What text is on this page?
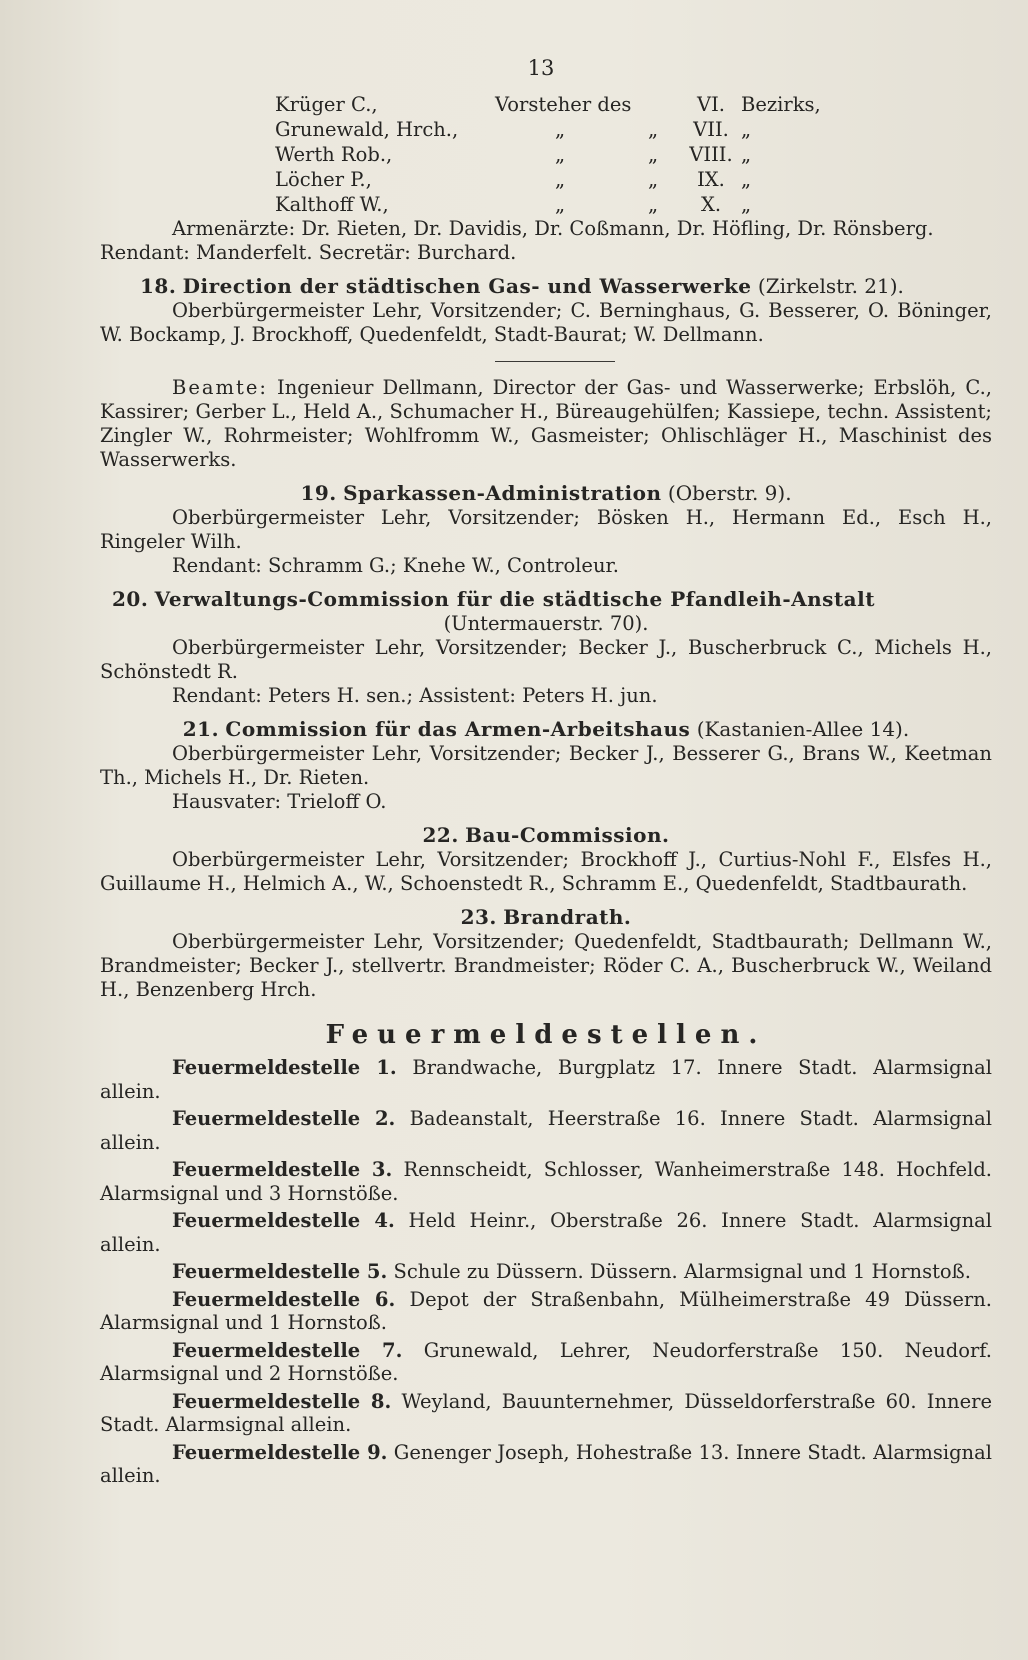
13
Krüger C.,	Vorsteher des	VI. Bezirks,
Grunewald, Hrch.,	„	„	VII. „
Werth Rob.,	„	„	VIII. „
Löcher P.,	„	„	IX. „
Kalthoff W.,	„	„	X.	„
Armenärzte: Dr. Rieten, Dr. Davidis, Dr. Coßmann, Dr. Höfling, Dr. Rönsberg.
Rendant: Manderfelt. Secretär: Burchard.
18. Direction der städtischen Gas- und Wasserwerke (Zirkelstr. 21).
Oberbürgermeister Lehr, Vorsitzender; C. Berninghaus, G. Besserer, O. Böninger, W. Bockamp, J. Brockhoff, Quedenfeldt, Stadt-Baurat; W. Dellmann.
Beamte: Ingenieur Dellmann, Director der Gas- und Wasserwerke; Erbslöh, C., Kassirer; Gerber L., Held A., Schumacher H., Büreaugehülfen; Kassiepe, techn. Assistent; Zingler W., Rohrmeister; Wohlfromm W., Gasmeister; Ohlischläger H., Maschinist des Wasserwerks.
19. Sparkassen-Administration (Oberstr. 9).
Oberbürgermeister Lehr, Vorsitzender; Bösken H., Hermann Ed., Esch H., Ringeler Wilh.
Rendant: Schramm G.; Knehe W., Controleur.
20. Verwaltungs-Commission für die städtische Pfandleih-Anstalt
(Untermauerstr. 70).
Oberbürgermeister Lehr, Vorsitzender; Becker J., Buscherbruck C., Michels H., Schönstedt R.
Rendant: Peters H. sen.; Assistent: Peters H. jun.
21. Commission für das Armen-Arbeitshaus (Kastanien-Allee 14).
Oberbürgermeister Lehr, Vorsitzender; Becker J., Besserer G., Brans W., Keetman Th., Michels H., Dr. Rieten.
Hausvater: Trieloff O.
22. Bau-Commission.
Oberbürgermeister Lehr, Vorsitzender; Brockhoff J., Curtius-Nohl F., Elsfes H., Guillaume H., Helmich A., W., Schoenstedt R., Schramm E., Quedenfeldt, Stadtbaurath.
23. Brandrath.
Oberbürgermeister Lehr, Vorsitzender; Quedenfeldt, Stadtbaurath; Dellmann W., Brandmeister; Becker J., stellvertr. Brandmeister; Röder C. A., Buscherbruck W., Weiland H., Benzenberg Hrch.
Feuermeldestellen.
Feuermeldestelle 1. Brandwache, Burgplatz 17. Innere Stadt. Alarmsignal allein.
Feuermeldestelle 2. Badeanstalt, Heerstraße 16. Innere Stadt. Alarmsignal allein.
Feuermeldestelle 3. Rennscheidt, Schlosser, Wanheimerstraße 148. Hochfeld. Alarmsignal und 3 Hornstöße.
Feuermeldestelle 4. Held Heinr., Oberstraße 26. Innere Stadt. Alarmsignal allein.
Feuermeldestelle 5. Schule zu Düssern. Düssern. Alarmsignal und 1 Hornstoß.
Feuermeldestelle 6. Depot der Straßenbahn, Mülheimerstraße 49 Düssern. Alarmsignal und 1 Hornstoß.
Feuermeldestelle 7. Grunewald, Lehrer, Neudorferstraße 150. Neudorf. Alarmsignal und 2 Hornstöße.
Feuermeldestelle 8. Weyland, Bauunternehmer, Düsseldorferstraße 60. Innere Stadt. Alarmsignal allein.
Feuermeldestelle 9. Genenger Joseph, Hohestraße 13. Innere Stadt. Alarmsignal allein.
